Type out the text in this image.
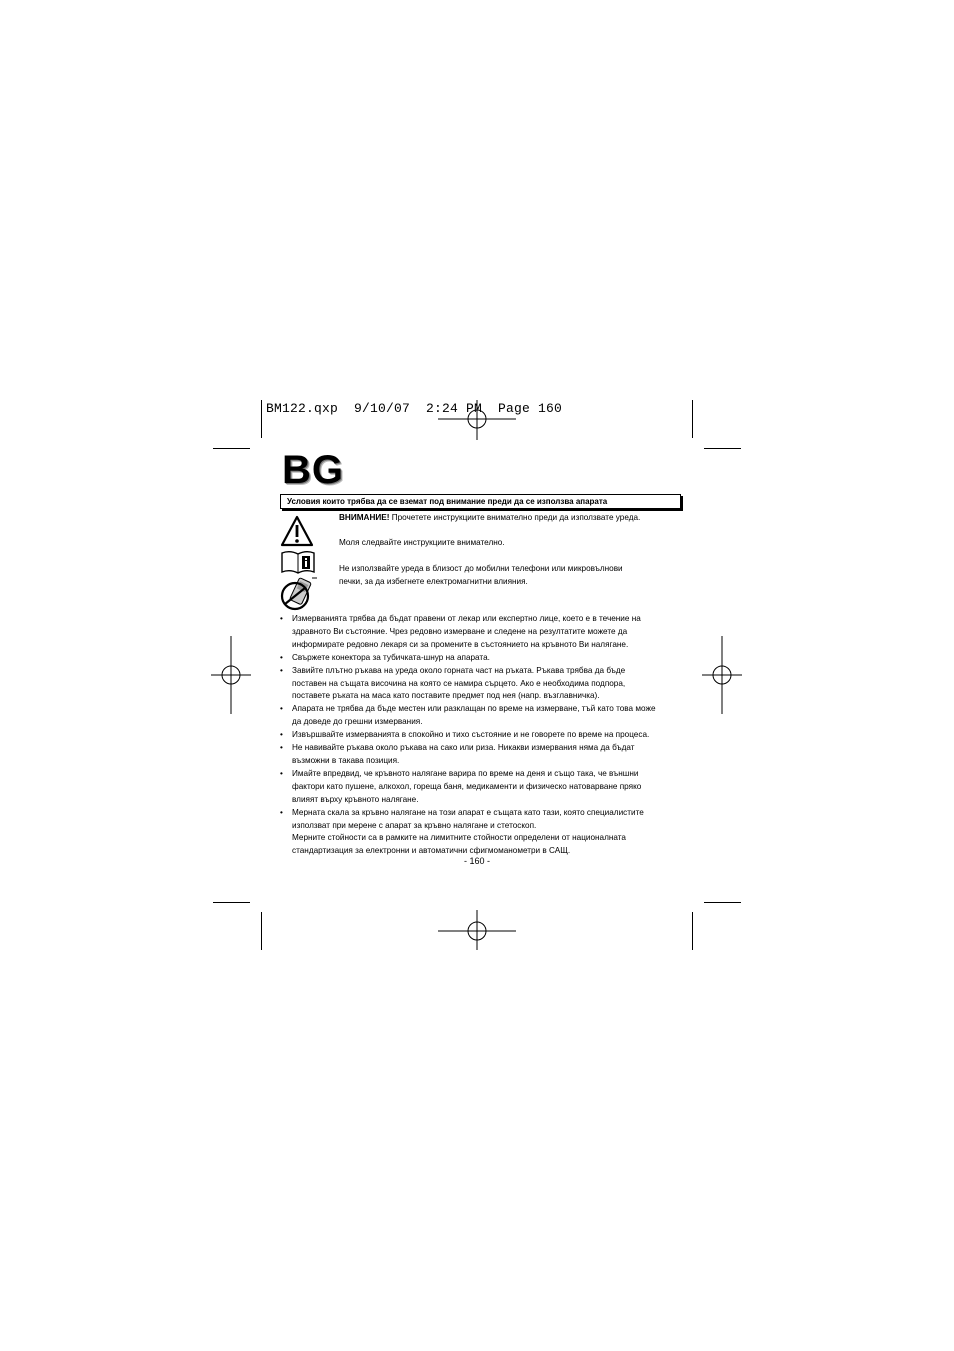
BM122.qxp  9/10/07  2:24 PM  Page 160
BG
Условия които трябва да се вземат под внимание преди да се използва апарата
ВНИМАНИЕ! Прочетете инструкциите внимателно преди да използвате уреда.
Моля следвайте инструкциите внимателно.
Не използвайте уреда в близост до мобилни телефони или микровълнови
печки, за да избегнете електромагнитни влияния.
• Измерванията трябва да бъдат правени от лекар или експертно лице, което е в течение на
здравното Ви състояние. Чрез редовно измерване и следене на резултатите можете да
информирате редовно лекаря си за промените в състоянието на кръвното Ви налягане.
• Свържете конектора за тубичката-шнур на апарата.
• Завийте плътно ръкава на уреда около горната част на ръката. Ръкава трябва да бъде
поставен на същата височина на която се намира сърцето. Ако е необходима подпора,
поставете ръката на маса като поставите предмет под нея (напр. възглавничка).
• Апарата не трябва да бъде местен или разклащан по време на измерване, тъй като това може
да доведе до грешни измервания.
• Извършвайте измерванията в спокойно и тихо състояние и не говорете по време на процеса.
• Не навивайте ръкавa около ръкава на сако или риза. Никакви измервания няма да бъдат
възможни в такава позиция.
• Имайте впредвид, че кръвното налягане варира по време на деня и също така, че външни
фактори като пушене, алкохол, гореща баня, медикаменти и физическо натоварване пряко
влияят върху кръвното налягане.
• Мерната скала за кръвно налягане на този апарат е същата като тази, която специалистите
използват при мерене с апарат за кръвно налягане и стетоскоп.
Мерните стойности са в рамките на лимитните стойности определени от националната
стандартизация за електронни и автоматични сфигмоманометри в САЩ.
- 160 -
